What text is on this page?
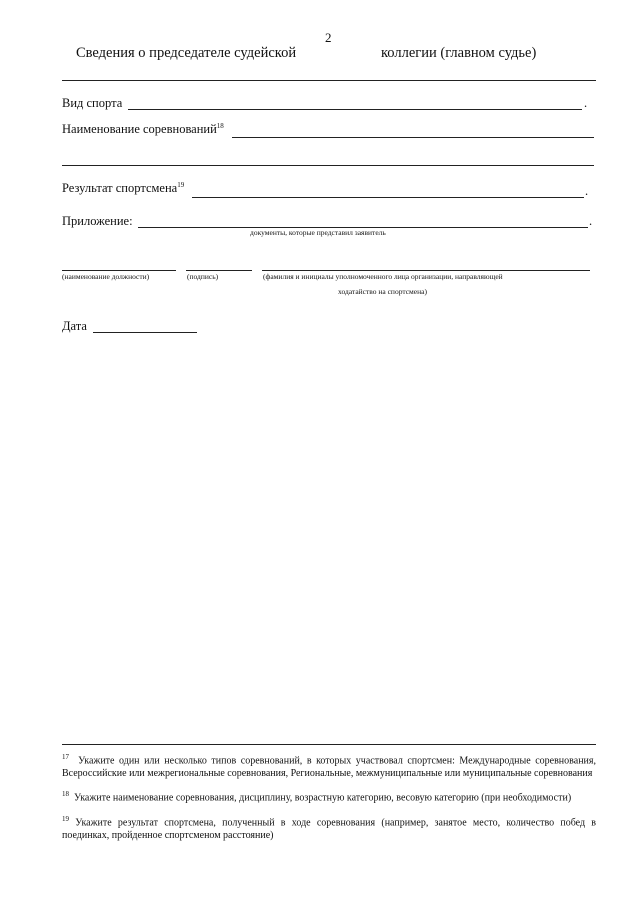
2
Сведения о председателе судейской	коллегии (главном судье)
Вид спорта	.
Наименование соревнований$^{18}$
Результат спортсмена$^{19}$	.
Приложение:	.
документы, которые представил заявитель
(наименование должности)	(подпись)	(фамилия и инициалы уполномоченного лица организации, направляющей
ходатайство на спортсмена)
Дата
$^{17}$ Укажите один или несколько типов соревнований, в которых участвовал спортсмен: Международные соревнования, Всероссийские или межрегиональные соревнования, Региональные, межмуниципальные или муниципальные соревнования
$^{18}$ Укажите наименование соревнования, дисциплину, возрастную категорию, весовую категорию (при необходимости)
$^{19}$ Укажите результат спортсмена, полученный в ходе соревнования (например, занятое место, количество побед в поединках, пройденное спортсменом расстояние)
